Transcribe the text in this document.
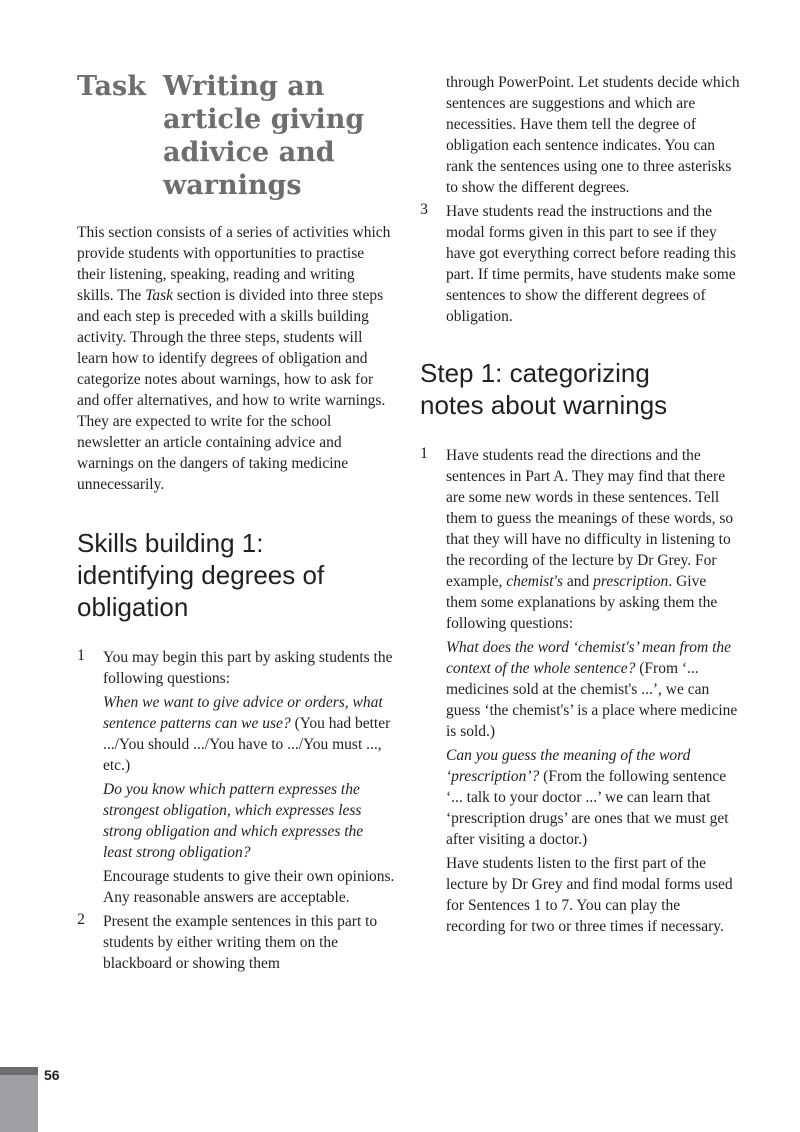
Task Writing an
article giving
adivice and
warnings

This section consists of a series of activities which provide students with opportunities to practise their listening, speaking, reading and writing skills. The Task section is divided into three steps and each step is preceded with a skills building activity. Through the three steps, students will learn how to identify degrees of obligation and categorize notes about warnings, how to ask for and offer alternatives, and how to write warnings. They are expected to write for the school newsletter an article containing advice and warnings on the dangers of taking medicine unnecessarily.

Skills building 1:
identifying degrees of
obligation
1 You may begin this part by asking students the following questions:

When we want to give advice or orders, what sentence patterns can we use? (You had better .../You should .../You have to .../You must ..., etc.)

Do you know which pattern expresses the strongest obligation, which expresses less strong obligation and which expresses the least strong obligation?

Encourage students to give their own opinions. Any reasonable answers are acceptable.

2 Present the example sentences in this part to students by either writing them on the blackboard or showing them

through PowerPoint. Let students decide which sentences are suggestions and which are necessities. Have them tell the degree of obligation each sentence indicates. You can rank the sentences using one to three asterisks to show the different degrees.

3 Have students read the instructions and the modal forms given in this part to see if they have got everything correct before reading this part. If time permits, have students make some sentences to show the different degrees of obligation.

Step 1: categorizing
notes about warnings
1 Have students read the directions and the sentences in Part A. They may find that there are some new words in these sentences. Tell them to guess the meanings of these words, so that they will have no difficulty in listening to the recording of the lecture by Dr Grey. For example, chemist's and prescription. Give them some explanations by asking them the following questions:

What does the word ‘chemist's’ mean from the context of the whole sentence? (From ‘... medicines sold at the chemist's ...’, we can guess ‘the chemist's’ is a place where medicine is sold.)

Can you guess the meaning of the word ‘prescription’? (From the following sentence ‘... talk to your doctor ...’ we can learn that ‘prescription drugs’ are ones that we must get after visiting a doctor.)

Have students listen to the first part of the lecture by Dr Grey and find modal forms used for Sentences 1 to 7. You can play the recording for two or three times if necessary.

56
